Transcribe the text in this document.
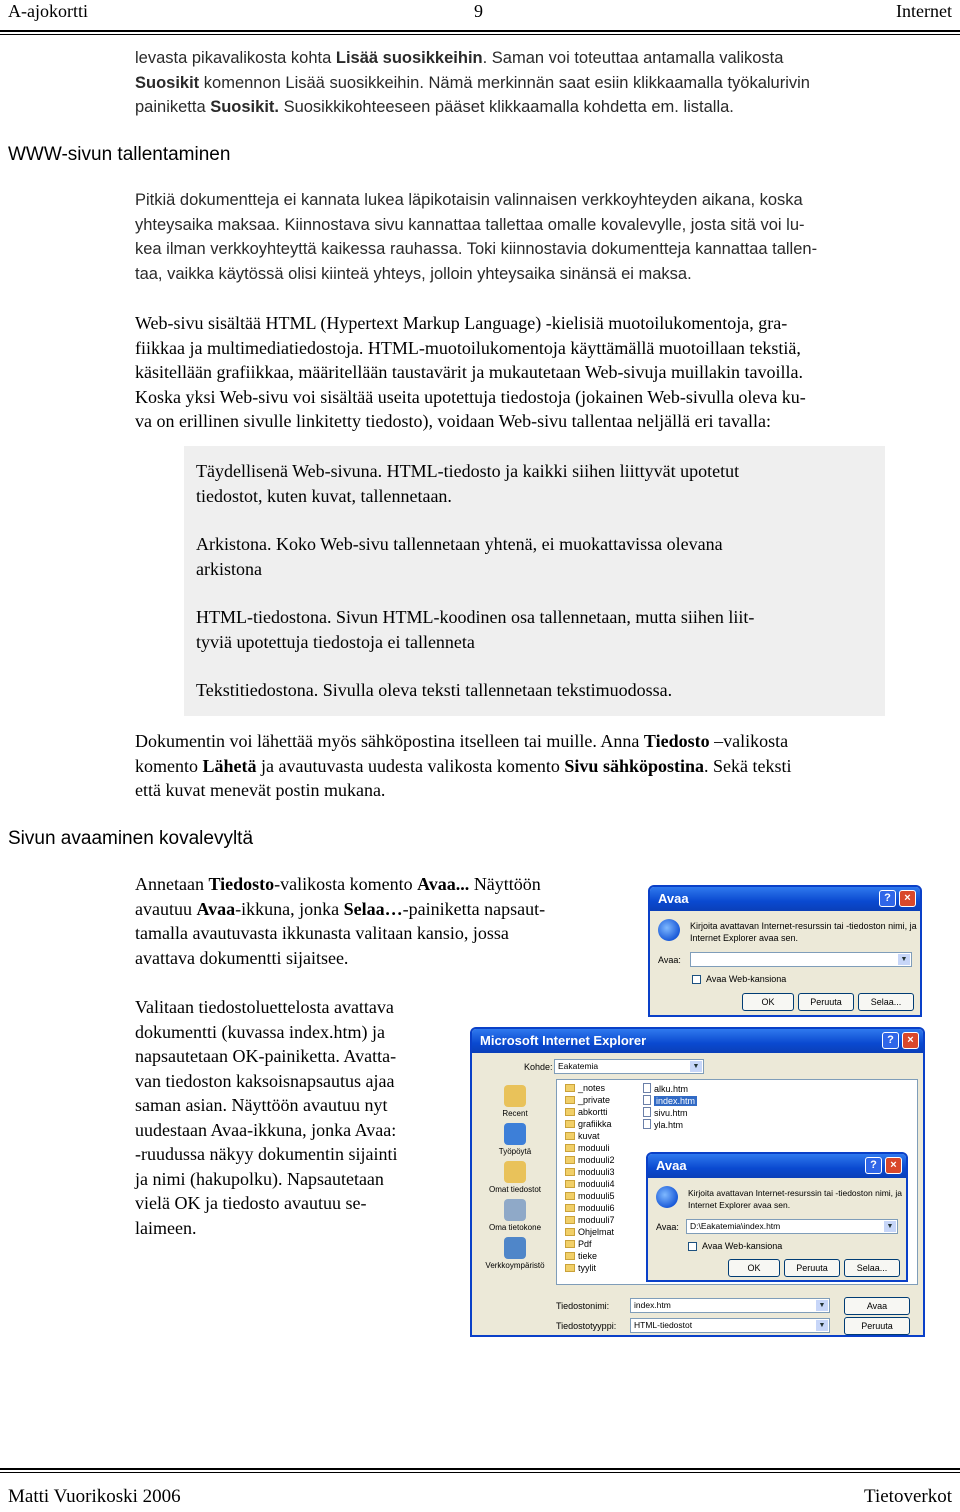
A-ajokortti	9	Internet
levasta pikavalikosta kohta Lisää suosikkeihin. Saman voi toteuttaa antamalla valikosta
Suosikit komennon Lisää suosikkeihin. Nämä merkinnän saat esiin klikkaamalla työkalurivin
painiketta Suosikit. Suosikkikohteeseen pääset klikkaamalla kohdetta em. listalla.
WWW-sivun tallentaminen
Pitkiä dokumentteja ei kannata lukea läpikotaisin valinnaisen verkkoyhteyden aikana, koska
yhteysaika maksaa. Kiinnostava sivu kannattaa tallettaa omalle kovalevylle, josta sitä voi lu-
kea ilman verkkoyhteyttä kaikessa rauhassa. Toki kiinnostavia dokumentteja kannattaa tallen-
taa, vaikka käytössä olisi kiinteä yhteys, jolloin yhteysaika sinänsä ei maksa.
Web-sivu sisältää HTML (Hypertext Markup Language) -kielisiä muotoilukomentoja, gra-
fiikkaa ja multimediatiedostoja. HTML-muotoilukomentoja käyttämällä muotoillaan tekstiä,
käsitellään grafiikkaa, määritellään taustavärit ja mukautetaan Web-sivuja muillakin tavoilla.
Koska yksi Web-sivu voi sisältää useita upotettuja tiedostoja (jokainen Web-sivulla oleva ku-
va on erillinen sivulle linkitetty tiedosto), voidaan Web-sivu tallentaa neljällä eri tavalla:

Täydellisenä Web-sivuna. HTML-tiedosto ja kaikki siihen liittyvät upotetut
tiedostot, kuten kuvat, tallennetaan.

Arkistona. Koko Web-sivu tallennetaan yhtenä, ei muokattavissa olevana
arkistona

HTML-tiedostona. Sivun HTML-koodinen osa tallennetaan, mutta siihen liit-
tyviä upotettuja tiedostoja ei tallenneta

Tekstitiedostona. Sivulla oleva teksti tallennetaan tekstimuodossa.

Dokumentin voi lähettää myös sähköpostina itselleen tai muille. Anna Tiedosto –valikosta
komento Lähetä ja avautuvasta uudesta valikosta komento Sivu sähköpostina. Sekä teksti
että kuvat menevät postin mukana.
Sivun avaaminen kovalevyltä
Annetaan Tiedosto-valikosta komento Avaa... Näyttöön
avautuu Avaa-ikkuna, jonka Selaa…-painiketta napsaut-
tamalla avautuvasta ikkunasta valitaan kansio, jossa
avattava dokumentti sijaitsee.
Valitaan tiedostoluettelosta avattava
dokumentti (kuvassa index.htm) ja
napsautetaan OK-painiketta. Avatta-
van tiedoston kaksoisnapsautus ajaa
saman asian. Näyttöön avautuu nyt
uudestaan Avaa-ikkuna, jonka Avaa:
-ruudussa näkyy dokumentin sijainti
ja nimi (hakupolku). Napsautetaan
vielä OK ja tiedosto avautuu se-
laimeen.
Avaa	?	×
Kirjoita avattavan Internet-resurssin tai -tiedoston nimi, ja
Internet Explorer avaa sen.
Avaa:	▼
Avaa Web-kansiona
OK	Peruuta	Selaa...
Microsoft Internet Explorer	?	×
Kohde: Eakatemia	▼
Recent
Työpöytä
Omat tiedostot
Oma tietokone
Verkkoympäristö
_notes
_private
abkortti
grafiikka
kuvat
moduuli
moduuli2
moduuli3
moduuli4
moduuli5
moduuli6
moduuli7
Ohjelmat
Pdf
tieke
tyylit
alku.htm
index.htm
sivu.htm
yla.htm
Tiedostonimi:	index.htm	▼	Avaa
Tiedostotyyppi:	HTML-tiedostot	▼	Peruuta
Avaa	?	×
Kirjoita avattavan Internet-resurssin tai -tiedoston nimi, ja
Internet Explorer avaa sen.
Avaa:	D:\Eakatemia\index.htm	▼
Avaa Web-kansiona
OK	Peruuta	Selaa...
Matti Vuorikoski 2006	Tietoverkot
